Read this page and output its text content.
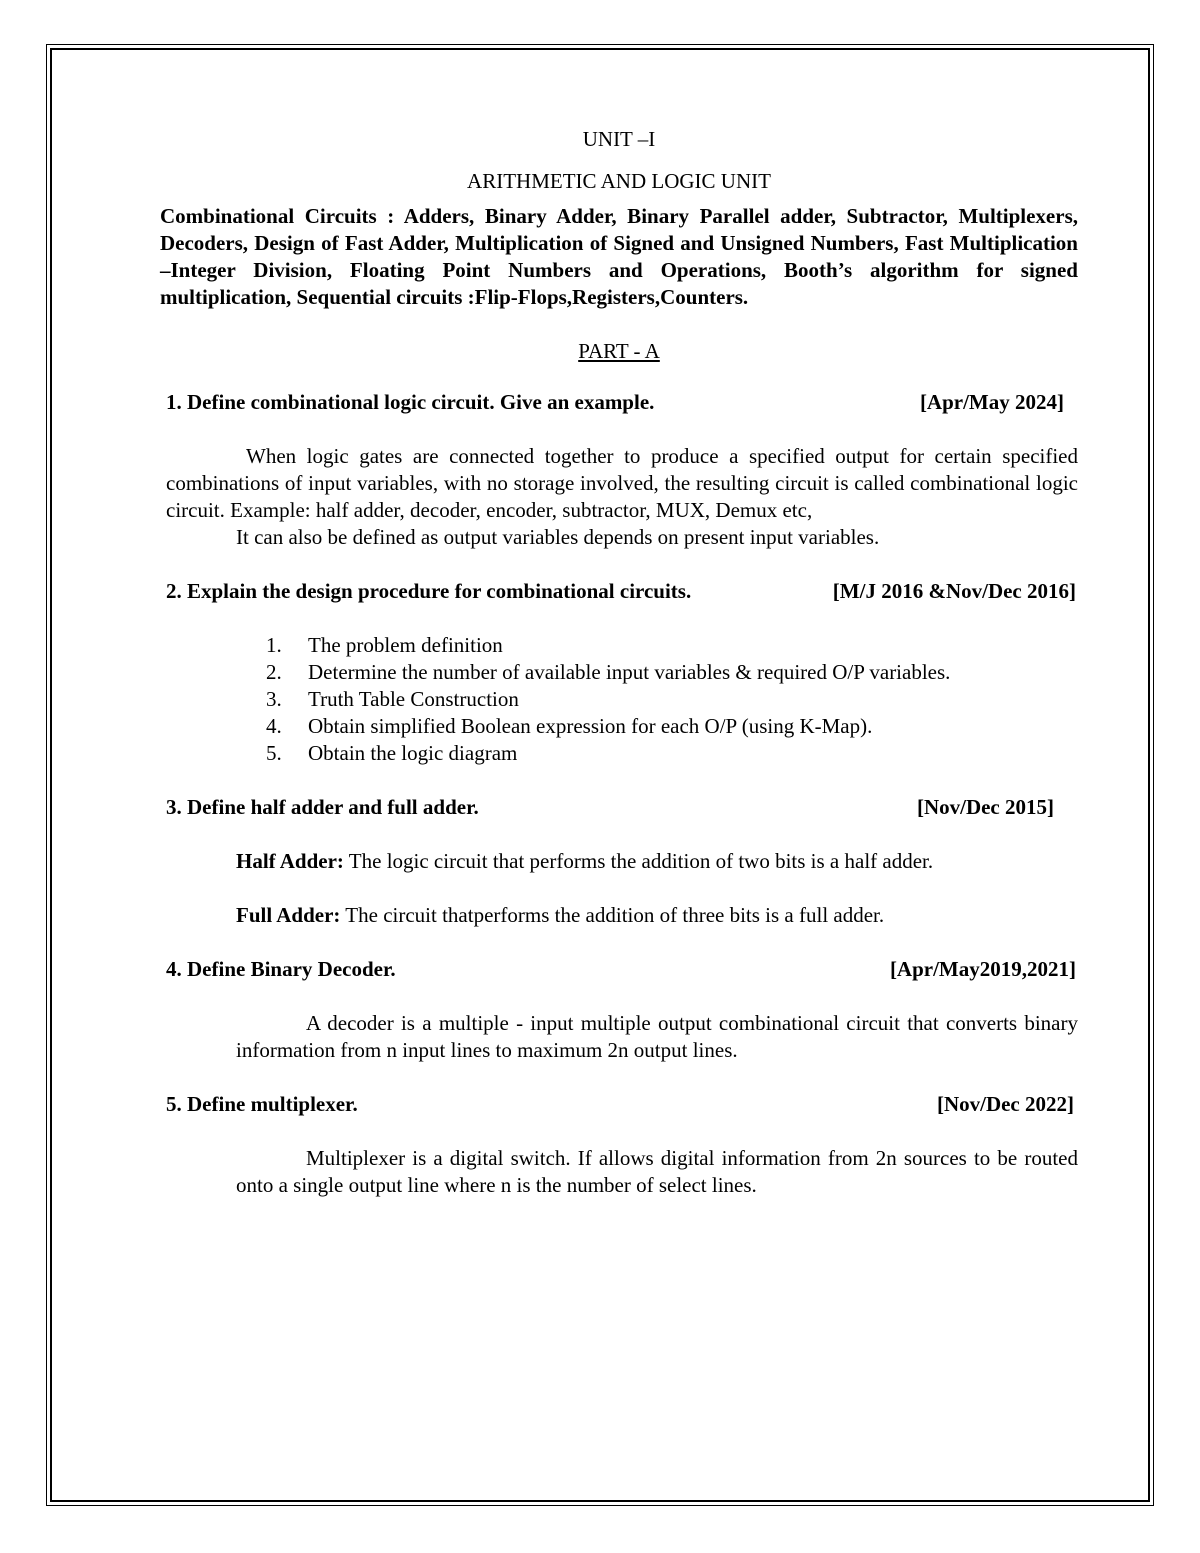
UNIT –I
ARITHMETIC AND LOGIC UNIT

Combinational Circuits : Adders, Binary Adder, Binary Parallel adder, Subtractor, Multiplexers, Decoders, Design of Fast Adder, Multiplication of Signed and Unsigned Numbers, Fast Multiplication –Integer Division, Floating Point Numbers and Operations, Booth’s algorithm for signed multiplication, Sequential circuits :Flip-Flops,Registers,Counters.

PART - A
1. Define combinational logic circuit. Give an example.	[Apr/May 2024]

When logic gates are connected together to produce a specified output for certain specified combinations of input variables, with no storage involved, the resulting circuit is called combinational logic circuit. Example: half adder, decoder, encoder, subtractor, MUX, Demux etc,

It can also be defined as output variables depends on present input variables.

2. Explain the design procedure for combinational circuits.	[M/J 2016 &Nov/Dec 2016]
1.	The problem definition
2.	Determine the number of available input variables & required O/P variables.
3.	Truth Table Construction
4.	Obtain simplified Boolean expression for each O/P (using K-Map).
5.	Obtain the logic diagram
3. Define half adder and full adder.	[Nov/Dec 2015]

Half Adder: The logic circuit that performs the addition of two bits is a half adder.

Full Adder: The circuit thatperforms the addition of three bits is a full adder.

4. Define Binary Decoder.	[Apr/May2019,2021]

A decoder is a multiple - input multiple output combinational circuit that converts binary information from n input lines to maximum 2n output lines.

5. Define multiplexer.	[Nov/Dec 2022]

Multiplexer is a digital switch. If allows digital information from 2n sources to be routed onto a single output line where n is the number of select lines.
